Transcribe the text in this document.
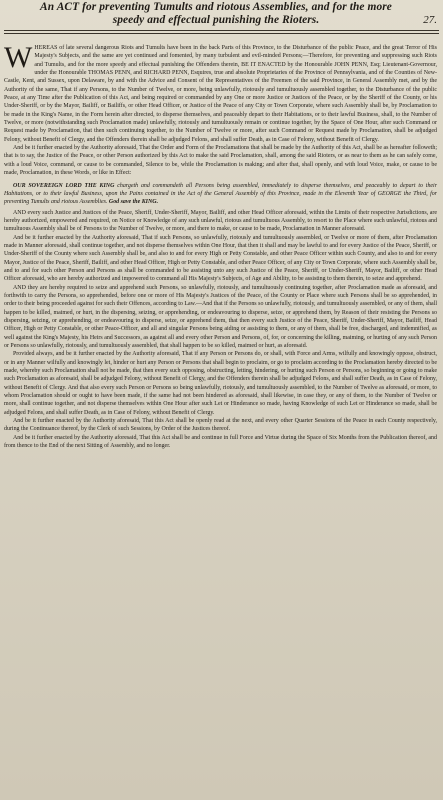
An ACT for preventing Tumults and riotous Assemblies, and for the more
speedy and effectual punishing the Rioters.	27.

WHEREAS of late several dangerous Riots and Tumults have been in the back Parts of this Province, to the Disturbance of the public Peace, and the great Terror of His Majesty's Subjects, and the same are yet continued and fomented, by many turbulent and evil-minded Persons;—Therefore, for preventing and suppressing such Riots and Tumults, and for the more speedy and effectual punishing the Offenders therein, BE IT ENACTED by the Honourable JOHN PENN, Esq; Lieutenant-Governour, under the Honourable THOMAS PENN, and RICHARD PENN, Esquires, true and absolute Proprietaries of the Province of Pennsylvania, and of the Counties of New-Castle, Kent, and Sussex, upon Delaware, by and with the Advice and Consent of the Representatives of the Freemen of the said Province, in General Assembly met, and by the Authority of the same, That if any Persons, to the Number of Twelve, or more, being unlawfully, riotously and tumultuously assembled together, to the Disturbance of the public Peace, at any Time after the Publication of this Act, and being required or commanded by any One or more Justice or Justices of the Peace, or by the Sheriff of the County, or his Under-Sheriff, or by the Mayor, Bailiff, or Bailiffs, or other Head Officer, or Justice of the Peace of any City or Town Corporate, where such Assembly shall be, by Proclamation to be made in the King's Name, in the Form herein after directed, to disperse themselves, and peaceably depart to their Habitations, or to their lawful Business, shall, to the Number of Twelve, or more (notwithstanding such Proclamation made) unlawfully, riotously and tumultuously remain or continue together, by the Space of One Hour, after such Command or Request made by Proclamation, that then such continuing together, to the Number of Twelve or more, after such Command or Request made by Proclamation, shall be adjudged Felony, without Benefit of Clergy, and the Offenders therein shall be adjudged Felons, and shall suffer Death, as in Case of Felony, without Benefit of Clergy.

And be it further enacted by the Authority aforesaid, That the Order and Form of the Proclamations that shall be made by the Authority of this Act, shall be as hereafter followeth; that is to say, the Justice of the Peace, or other Person authorized by this Act to make the said Proclamation, shall, among the said Rioters, or as near to them as he can safely come, with a loud Voice, command, or cause to be commanded, Silence to be, while the Proclamation is making; and after that, shall openly, and with loud Voice, make, or cause to be made, Proclamation, in these Words, or like in Effect:

OUR SOVEREIGN LORD THE KING chargeth and commandeth all Persons being assembled, immediately to disperse themselves, and peaceably to depart to their Habitations, or to their lawful Business, upon the Pains contained in the Act of the General Assembly of this Province, made in the Eleventh Year of GEORGE the Third, for preventing Tumults and riotous Assemblies. God save the KING.

AND every such Justice and Justices of the Peace, Sheriff, Under-Sheriff, Mayor, Bailiff, and other Head Officer aforesaid, within the Limits of their respective Jurisdictions, are hereby authorized, empowered and required, on Notice or Knowledge of any such unlawful, riotous and tumultuous Assembly, to resort to the Place where such unlawful, riotous and tumultuous Assembly shall be of Persons to the Number of Twelve, or more, and there to make, or cause to be made, Proclamation in Manner aforesaid.

And be it further enacted by the Authority aforesaid, That if such Persons, so unlawfully, riotously and tumultuously assembled, or Twelve or more of them, after Proclamation made in Manner aforesaid, shall continue together, and not disperse themselves within One Hour, that then it shall and may be lawful to and for every Justice of the Peace, Sheriff, or Under-Sheriff of the County where such Assembly shall be, and also to and for every High or Petty Constable, and other Peace Officer within such County, and also to and for every Mayor, Justice of the Peace, Sheriff, Bailiff, and other Head Officer, High or Petty Constable, and other Peace Officer, of any City or Town Corporate, where such Assembly shall be, and to and for such other Person and Persons as shall be commanded to be assisting unto any such Justice of the Peace, Sheriff, or Under-Sheriff, Mayor, Bailiff, or other Head Officer aforesaid, who are hereby authorized and impowered to command all His Majesty's Subjects, of Age and Ability, to be assisting to them therein, to seize and apprehend.

AND they are hereby required to seize and apprehend such Persons, so unlawfully, riotously, and tumultuously continuing together, after Proclamation made as aforesaid, and forthwith to carry the Persons, so apprehended, before one or more of His Majesty's Justices of the Peace, of the County or Place where such Persons shall be so apprehended, in order to their being proceeded against for such their Offences, according to Law.—And that if the Persons so unlawfully, riotously, and tumultuously assembled, or any of them, shall happen to be killed, maimed, or hurt, in the dispersing, seizing, or apprehending, or endeavouring to disperse, seize, or apprehend them, by Reason of their resisting the Persons so dispersing, seizing, or apprehending, or endeavouring to disperse, seize, or apprehend them, that then every such Justice of the Peace, Sheriff, Under-Sheriff, Mayor, Bailiff, Head Officer, High or Petty Constable, or other Peace-Officer, and all and singular Persons being aiding or assisting to them, or any of them, shall be free, discharged, and indemnified, as well against the King's Majesty, his Heirs and Successors, as against all and every other Person and Persons, of, for, or concerning the killing, maiming, or hurting of any such Person or Persons so unlawfully, riotously, and tumultuously assembled, that shall happen to be so killed, maimed or hurt, as aforesaid.

Provided always, and be it further enacted by the Authority aforesaid, That if any Person or Persons do, or shall, with Force and Arms, wilfully and knowingly oppose, obstruct, or in any Manner wilfully and knowingly let, hinder or hurt any Person or Persons that shall begin to proclaim, or go to proclaim according to the Proclamation hereby directed to be made, whereby such Proclamation shall not be made, that then every such opposing, obstructing, letting, hindering, or hurting such Person or Persons, so beginning or going to make such Proclamation as aforesaid, shall be adjudged Felony, without Benefit of Clergy, and the Offenders therein shall be adjudged Felons, and shall suffer Death, as in Case of Felony, without Benefit of Clergy. And that also every such Person or Persons so being unlawfully, riotously, and tumultuously assembled, to the Number of Twelve as aforesaid, or more, to whom Proclamation should or ought to have been made, if the same had not been hindered as aforesaid, shall likewise, in case they, or any of them, to the Number of Twelve or more, shall continue together, and not disperse themselves within One Hour after such Let or Hinderance so made, having Knowledge of such Let or Hinderance so made, shall be adjudged Felons, and shall suffer Death, as in Case of Felony, without Benefit of Clergy.

And be it further enacted by the Authority aforesaid, That this Act shall be openly read at the next, and every other Quarter Sessions of the Peace in each County respectively, during the Continuance thereof, by the Clerk of such Sessions, by Order of the Justices thereof.

And be it further enacted by the Authority aforesaid, That this Act shall be and continue in full Force and Virtue during the Space of Six Months from the Publication thereof, and from thence to the End of the next Sitting of Assembly, and no longer.
